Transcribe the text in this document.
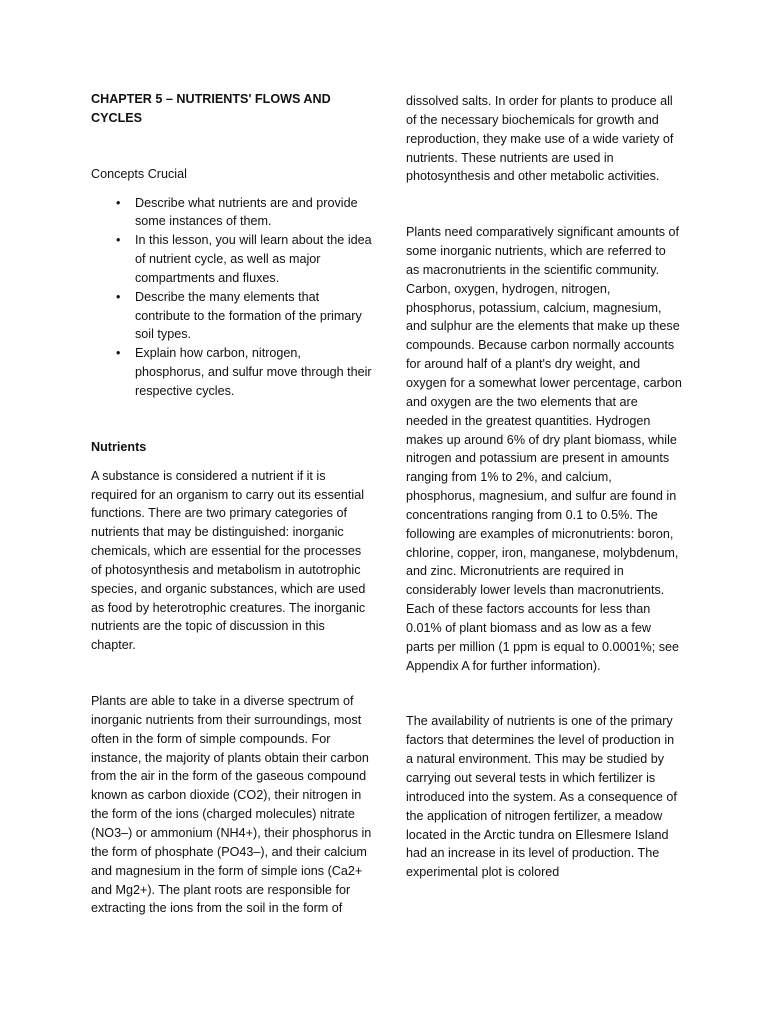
CHAPTER 5 – NUTRIENTS' FLOWS AND CYCLES

Concepts Crucial

• Describe what nutrients are and provide some instances of them.
• In this lesson, you will learn about the idea of nutrient cycle, as well as major compartments and fluxes.
• Describe the many elements that contribute to the formation of the primary soil types.
• Explain how carbon, nitrogen, phosphorus, and sulfur move through their respective cycles.

Nutrients

A substance is considered a nutrient if it is required for an organism to carry out its essential functions. There are two primary categories of nutrients that may be distinguished: inorganic chemicals, which are essential for the processes of photosynthesis and metabolism in autotrophic species, and organic substances, which are used as food by heterotrophic creatures. The inorganic nutrients are the topic of discussion in this chapter.

Plants are able to take in a diverse spectrum of inorganic nutrients from their surroundings, most often in the form of simple compounds. For instance, the majority of plants obtain their carbon from the air in the form of the gaseous compound known as carbon dioxide (CO2), their nitrogen in the form of the ions (charged molecules) nitrate (NO3–) or ammonium (NH4+), their phosphorus in the form of phosphate (PO43–), and their calcium and magnesium in the form of simple ions (Ca2+ and Mg2+). The plant roots are responsible for extracting the ions from the soil in the form of

dissolved salts. In order for plants to produce all of the necessary biochemicals for growth and reproduction, they make use of a wide variety of nutrients. These nutrients are used in photosynthesis and other metabolic activities.

Plants need comparatively significant amounts of some inorganic nutrients, which are referred to as macronutrients in the scientific community. Carbon, oxygen, hydrogen, nitrogen, phosphorus, potassium, calcium, magnesium, and sulphur are the elements that make up these compounds. Because carbon normally accounts for around half of a plant's dry weight, and oxygen for a somewhat lower percentage, carbon and oxygen are the two elements that are needed in the greatest quantities. Hydrogen makes up around 6% of dry plant biomass, while nitrogen and potassium are present in amounts ranging from 1% to 2%, and calcium, phosphorus, magnesium, and sulfur are found in concentrations ranging from 0.1 to 0.5%. The following are examples of micronutrients: boron, chlorine, copper, iron, manganese, molybdenum, and zinc. Micronutrients are required in considerably lower levels than macronutrients. Each of these factors accounts for less than 0.01% of plant biomass and as low as a few parts per million (1 ppm is equal to 0.0001%; see Appendix A for further information).

The availability of nutrients is one of the primary factors that determines the level of production in a natural environment. This may be studied by carrying out several tests in which fertilizer is introduced into the system. As a consequence of the application of nitrogen fertilizer, a meadow located in the Arctic tundra on Ellesmere Island had an increase in its level of production. The experimental plot is colored
